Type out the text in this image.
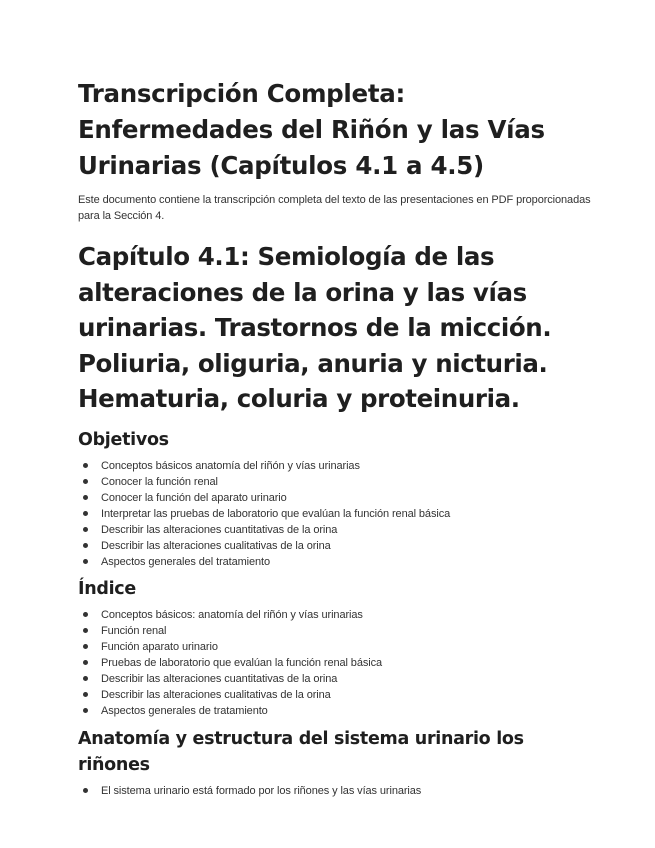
Transcripción Completa: Enfermedades del Riñón y las Vías Urinarias (Capítulos 4.1 a 4.5)

Este documento contiene la transcripción completa del texto de las presentaciones en PDF proporcionadas para la Sección 4.

Capítulo 4.1: Semiología de las alteraciones de la orina y las vías urinarias. Trastornos de la micción. Poliuria, oliguria, anuria y nicturia. Hematuria, coluria y proteinuria.
Objetivos
Conceptos básicos anatomía del riñón y vías urinarias
Conocer la función renal
Conocer la función del aparato urinario
Interpretar las pruebas de laboratorio que evalúan la función renal básica
Describir las alteraciones cuantitativas de la orina
Describir las alteraciones cualitativas de la orina
Aspectos generales del tratamiento
Índice
Conceptos básicos: anatomía del riñón y vías urinarias
Función renal
Función aparato urinario
Pruebas de laboratorio que evalúan la función renal básica
Describir las alteraciones cuantitativas de la orina
Describir las alteraciones cualitativas de la orina
Aspectos generales de tratamiento
Anatomía y estructura del sistema urinario los riñones
El sistema urinario está formado por los riñones y las vías urinarias
